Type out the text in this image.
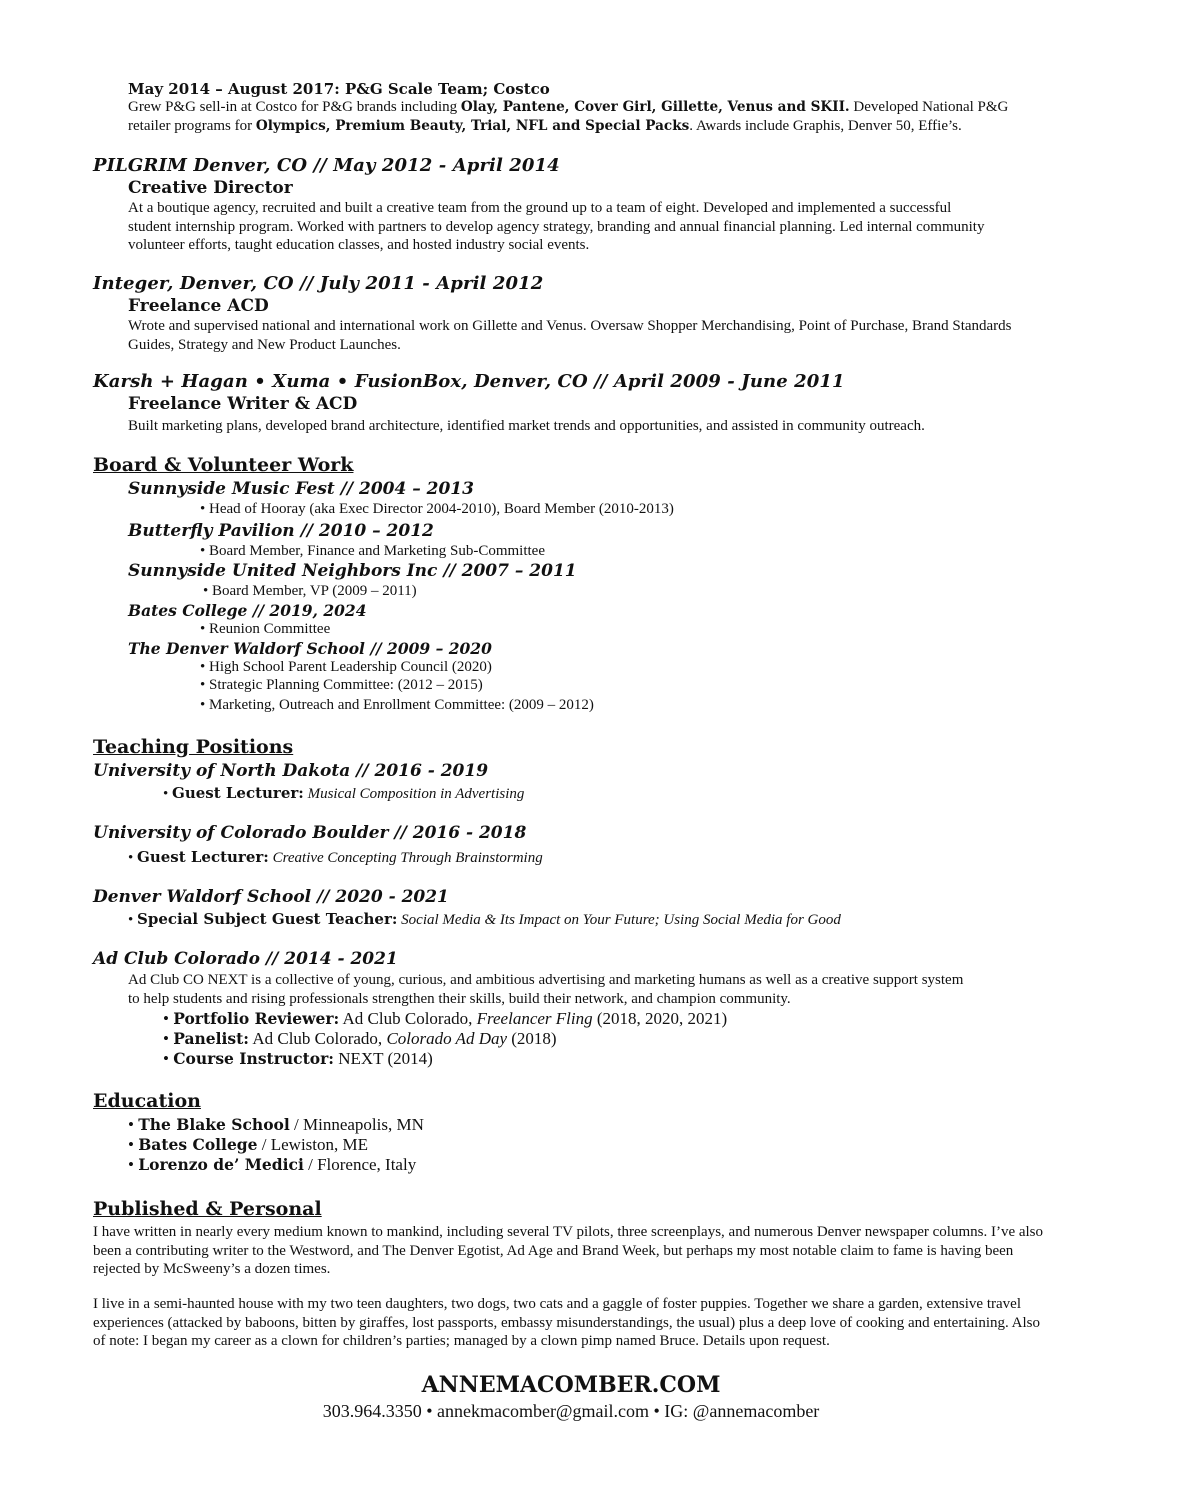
May 2014 – August 2017: P&G Scale Team; Costco
Grew P&G sell-in at Costco for P&G brands including Olay, Pantene, Cover Girl, Gillette, Venus and SKII. Developed National P&G retailer programs for Olympics, Premium Beauty, Trial, NFL and Special Packs. Awards include Graphis, Denver 50, Effie’s.
PILGRIM Denver, CO // May 2012 - April 2014
Creative Director
At a boutique agency, recruited and built a creative team from the ground up to a team of eight. Developed and implemented a successful student internship program. Worked with partners to develop agency strategy, branding and annual financial planning. Led internal community volunteer efforts, taught education classes, and hosted industry social events.
Integer, Denver, CO // July 2011 - April 2012
Freelance ACD
Wrote and supervised national and international work on Gillette and Venus. Oversaw Shopper Merchandising, Point of Purchase, Brand Standards Guides, Strategy and New Product Launches.
Karsh + Hagan • Xuma • FusionBox, Denver, CO // April 2009 - June 2011
Freelance Writer & ACD
Built marketing plans, developed brand architecture, identified market trends and opportunities, and assisted in community outreach.
Board & Volunteer Work
Sunnyside Music Fest // 2004 – 2013
• Head of Hooray (aka Exec Director 2004-2010), Board Member (2010-2013)
Butterfly Pavilion // 2010 – 2012
• Board Member, Finance and Marketing Sub-Committee
Sunnyside United Neighbors Inc // 2007 – 2011
• Board Member, VP (2009 – 2011)
Bates College // 2019, 2024
• Reunion Committee
The Denver Waldorf School // 2009 – 2020
• High School Parent Leadership Council (2020)
• Strategic Planning Committee: (2012 – 2015)
• Marketing, Outreach and Enrollment Committee: (2009 – 2012)
Teaching Positions
University of North Dakota // 2016 - 2019
• Guest Lecturer: Musical Composition in Advertising
University of Colorado Boulder // 2016 - 2018
• Guest Lecturer: Creative Concepting Through Brainstorming
Denver Waldorf School // 2020 - 2021
• Special Subject Guest Teacher: Social Media & Its Impact on Your Future; Using Social Media for Good
Ad Club Colorado // 2014 - 2021
Ad Club CO NEXT is a collective of young, curious, and ambitious advertising and marketing humans as well as a creative support system to help students and rising professionals strengthen their skills, build their network, and champion community.
• Portfolio Reviewer: Ad Club Colorado, Freelancer Fling (2018, 2020, 2021)
• Panelist: Ad Club Colorado, Colorado Ad Day (2018)
• Course Instructor: NEXT (2014)
Education
• The Blake School / Minneapolis, MN
• Bates College / Lewiston, ME
• Lorenzo de’ Medici / Florence, Italy
Published & Personal
I have written in nearly every medium known to mankind, including several TV pilots, three screenplays, and numerous Denver newspaper columns. I’ve also been a contributing writer to the Westword, and The Denver Egotist, Ad Age and Brand Week, but perhaps my most notable claim to fame is having been rejected by McSweeny’s a dozen times.
I live in a semi-haunted house with my two teen daughters, two dogs, two cats and a gaggle of foster puppies. Together we share a garden, extensive travel experiences (attacked by baboons, bitten by giraffes, lost passports, embassy misunderstandings, the usual) plus a deep love of cooking and entertaining. Also of note: I began my career as a clown for children’s parties; managed by a clown pimp named Bruce. Details upon request.
ANNEMACOMBER.COM
303.964.3350 • annekmacomber@gmail.com • IG: @annemacomber
